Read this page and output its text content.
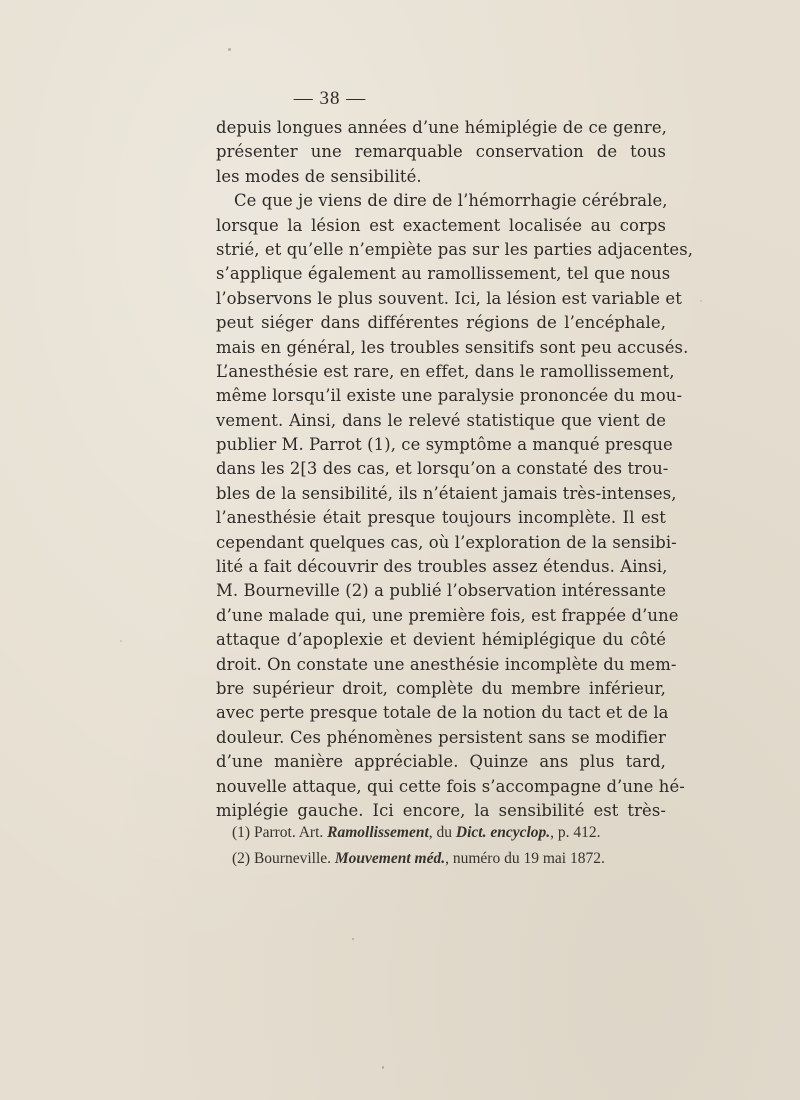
— 38 —
depuis longues années d’une hémiplégie de ce genre,
présenter une remarquable conservation de tous
les modes de sensibilité.
Ce que je viens de dire de l’hémorrhagie cérébrale,
lorsque la lésion est exactement localisée au corps
strié, et qu’elle n’empiète pas sur les parties adjacentes,
s’applique également au ramollissement, tel que nous
l’observons le plus souvent. Ici, la lésion est variable et
peut siéger dans différentes régions de l’encéphale,
mais en général, les troubles sensitifs sont peu accusés.
L’anesthésie est rare, en effet, dans le ramollissement,
même lorsqu’il existe une paralysie prononcée du mou-
vement. Ainsi, dans le relevé statistique que vient de
publier M. Parrot (1), ce symptôme a manqué presque
dans les 2[3 des cas, et lorsqu’on a constaté des trou-
bles de la sensibilité, ils n’étaient jamais très-intenses,
l’anesthésie était presque toujours incomplète. Il est
cependant quelques cas, où l’exploration de la sensibi-
lité a fait découvrir des troubles assez étendus. Ainsi,
M. Bourneville (2) a publié l’observation intéressante
d’une malade qui, une première fois, est frappée d’une
attaque d’apoplexie et devient hémiplégique du côté
droit. On constate une anesthésie incomplète du mem-
bre supérieur droit, complète du membre inférieur,
avec perte presque totale de la notion du tact et de la
douleur. Ces phénomènes persistent sans se modifier
d’une manière appréciable. Quinze ans plus tard,
nouvelle attaque, qui cette fois s’accompagne d’une hé-
miplégie gauche. Ici encore, la sensibilité est très-
(1) Parrot. Art. Ramollissement, du Dict. encyclop., p. 412.
(2) Bourneville. Mouvement méd., numéro du 19 mai 1872.
